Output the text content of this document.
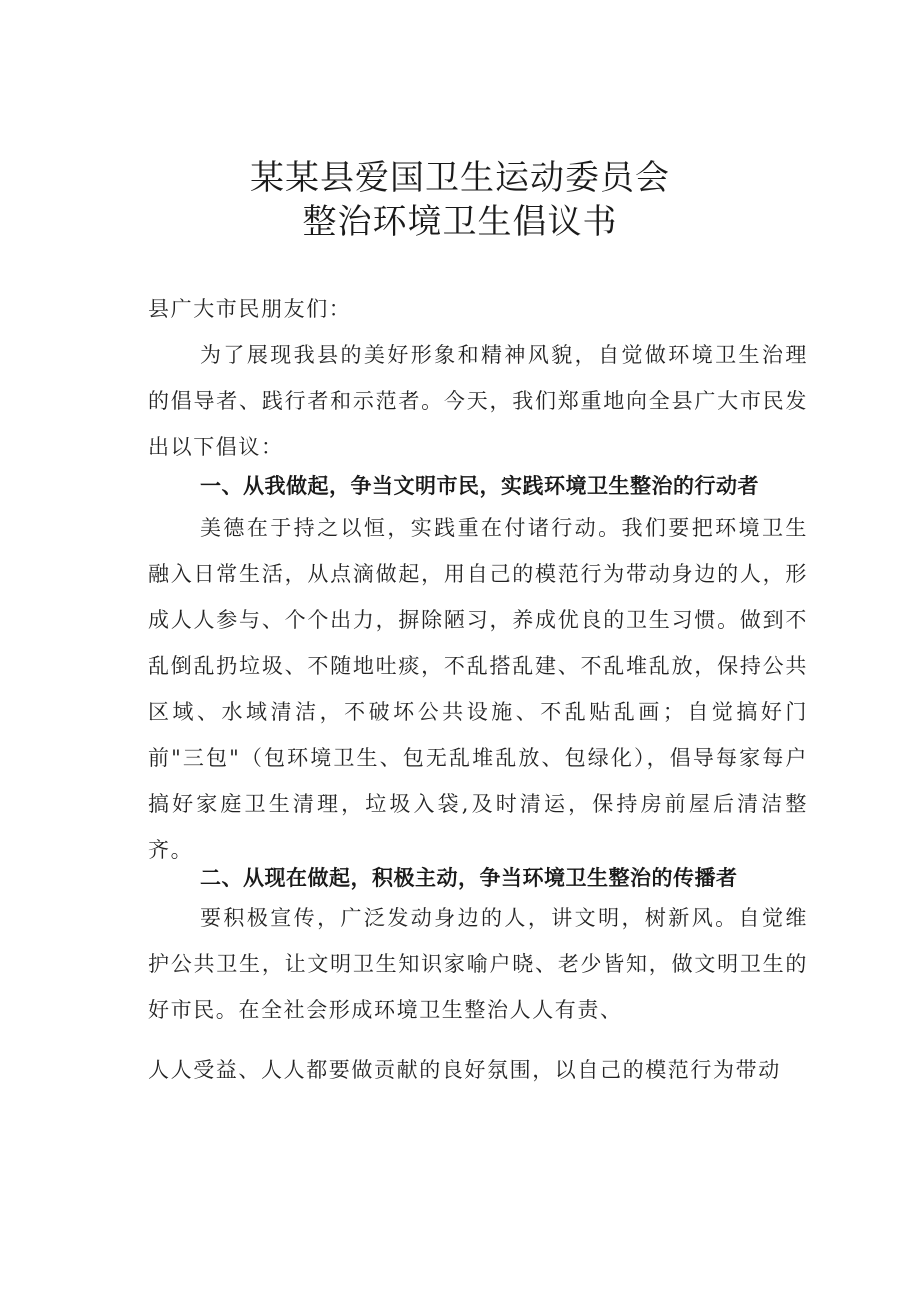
某某县爱国卫生运动委员会
整治环境卫生倡议书

县广大市民朋友们：

为了展现我县的美好形象和精神风貌，自觉做环境卫生治理的倡导者、践行者和示范者。今天，我们郑重地向全县广大市民发出以下倡议：

一、从我做起，争当文明市民，实践环境卫生整治的行动者

美德在于持之以恒，实践重在付诸行动。我们要把环境卫生融入日常生活，从点滴做起，用自己的模范行为带动身边的人，形成人人参与、个个出力，摒除陋习，养成优良的卫生习惯。做到不乱倒乱扔垃圾、不随地吐痰，不乱搭乱建、不乱堆乱放，保持公共区域、水域清洁，不破坏公共设施、不乱贴乱画；自觉搞好门前"三包"（包环境卫生、包无乱堆乱放、包绿化），倡导每家每户搞好家庭卫生清理，垃圾入袋,及时清运，保持房前屋后清洁整齐。

二、从现在做起，积极主动，争当环境卫生整治的传播者

要积极宣传，广泛发动身边的人，讲文明，树新风。自觉维护公共卫生，让文明卫生知识家喻户晓、老少皆知，做文明卫生的好市民。在全社会形成环境卫生整治人人有责、

人人受益、人人都要做贡献的良好氛围，以自己的模范行为带动
